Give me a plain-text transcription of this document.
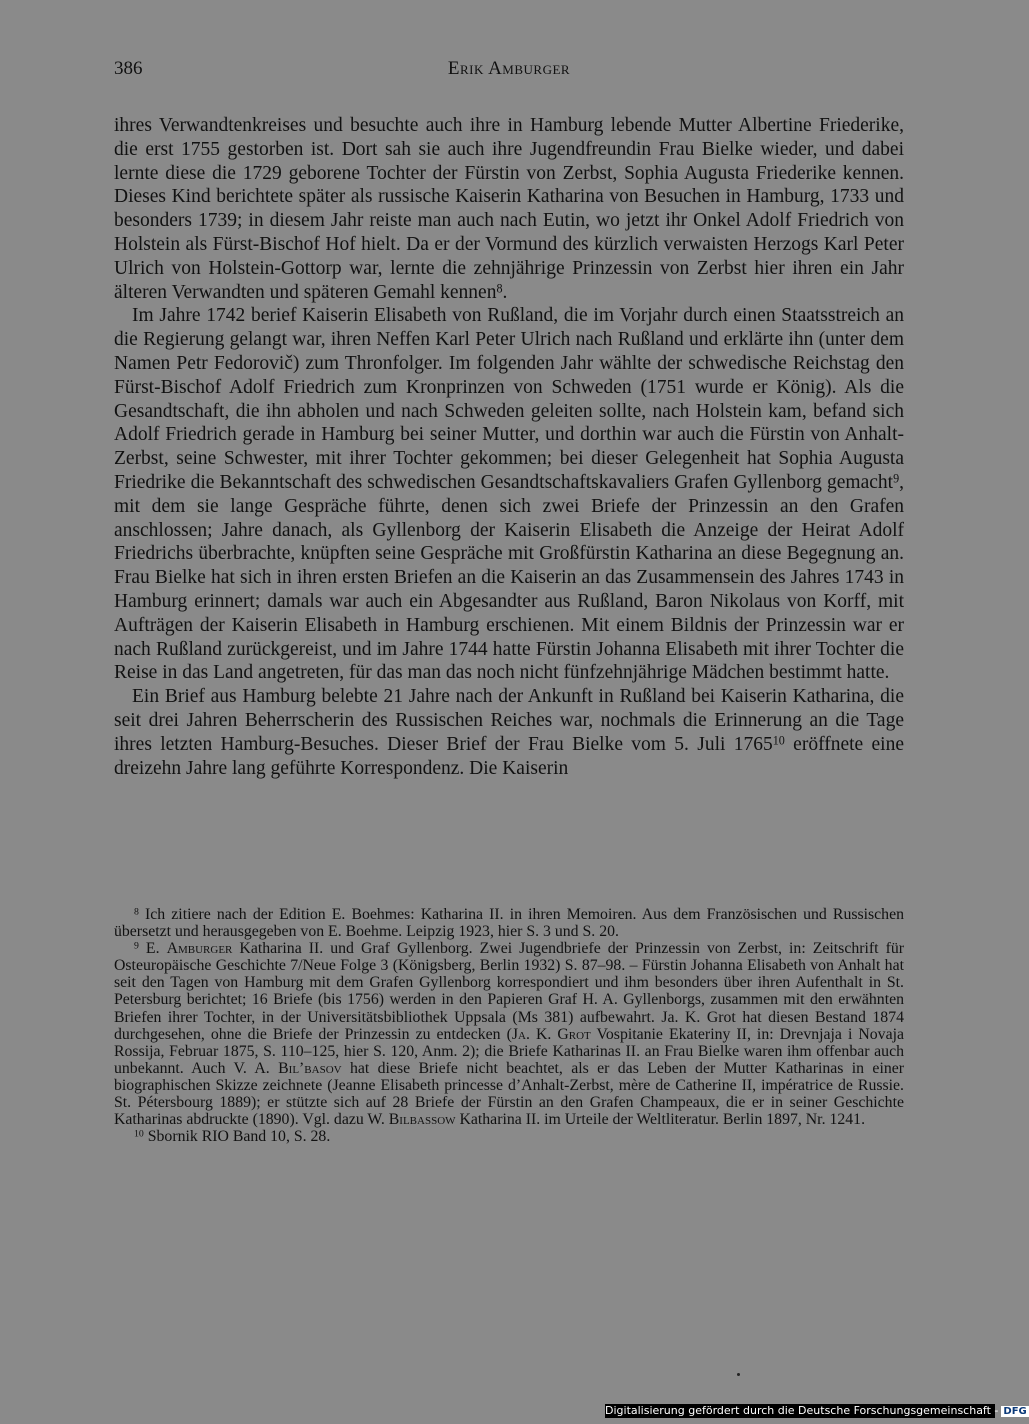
386	Erik Amburger

ihres Verwandtenkreises und besuchte auch ihre in Hamburg lebende Mutter Albertine Friederike, die erst 1755 gestorben ist. Dort sah sie auch ihre Jugendfreundin Frau Bielke wieder, und dabei lernte diese die 1729 geborene Tochter der Fürstin von Zerbst, Sophia Augusta Friederike kennen. Dieses Kind berichtete später als russische Kaiserin Katharina von Besuchen in Hamburg, 1733 und besonders 1739; in diesem Jahr reiste man auch nach Eutin, wo jetzt ihr Onkel Adolf Friedrich von Holstein als Fürst-Bischof Hof hielt. Da er der Vormund des kürzlich verwaisten Herzogs Karl Peter Ulrich von Holstein-Gottorp war, lernte die zehnjährige Prinzessin von Zerbst hier ihren ein Jahr älteren Verwandten und späteren Gemahl kennen$^8$.

Im Jahre 1742 berief Kaiserin Elisabeth von Rußland, die im Vorjahr durch einen Staatsstreich an die Regierung gelangt war, ihren Neffen Karl Peter Ulrich nach Rußland und erklärte ihn (unter dem Namen Petr Fedorovič) zum Thronfolger. Im folgenden Jahr wählte der schwedische Reichstag den Fürst-Bischof Adolf Friedrich zum Kronprinzen von Schweden (1751 wurde er König). Als die Gesandtschaft, die ihn abholen und nach Schweden geleiten sollte, nach Holstein kam, befand sich Adolf Friedrich gerade in Hamburg bei seiner Mutter, und dorthin war auch die Fürstin von Anhalt-Zerbst, seine Schwester, mit ihrer Tochter gekommen; bei dieser Gelegenheit hat Sophia Augusta Friedrike die Bekanntschaft des schwedischen Gesandtschaftskavaliers Grafen Gyllenborg gemacht$^9$, mit dem sie lange Gespräche führte, denen sich zwei Briefe der Prinzessin an den Grafen anschlossen; Jahre danach, als Gyllenborg der Kaiserin Elisabeth die Anzeige der Heirat Adolf Friedrichs überbrachte, knüpften seine Gespräche mit Großfürstin Katharina an diese Begegnung an. Frau Bielke hat sich in ihren ersten Briefen an die Kaiserin an das Zusammensein des Jahres 1743 in Hamburg erinnert; damals war auch ein Abgesandter aus Rußland, Baron Nikolaus von Korff, mit Aufträgen der Kaiserin Elisabeth in Hamburg erschienen. Mit einem Bildnis der Prinzessin war er nach Rußland zurückgereist, und im Jahre 1744 hatte Fürstin Johanna Elisabeth mit ihrer Tochter die Reise in das Land angetreten, für das man das noch nicht fünfzehnjährige Mädchen bestimmt hatte.

Ein Brief aus Hamburg belebte 21 Jahre nach der Ankunft in Rußland bei Kaiserin Katharina, die seit drei Jahren Beherrscherin des Russischen Reiches war, nochmals die Erinnerung an die Tage ihres letzten Hamburg-Besuches. Dieser Brief der Frau Bielke vom 5. Juli 1765$^{10}$ eröffnete eine dreizehn Jahre lang geführte Korrespondenz. Die Kaiserin

$^8$ Ich zitiere nach der Edition E. Boehmes: Katharina II. in ihren Memoiren. Aus dem Französischen und Russischen übersetzt und herausgegeben von E. Boehme. Leipzig 1923, hier S. 3 und S. 20.

$^9$ E. Amburger Katharina II. und Graf Gyllenborg. Zwei Jugendbriefe der Prinzessin von Zerbst, in: Zeitschrift für Osteuropäische Geschichte 7/Neue Folge 3 (Königsberg, Berlin 1932) S. 87–98. – Fürstin Johanna Elisabeth von Anhalt hat seit den Tagen von Hamburg mit dem Grafen Gyllenborg korrespondiert und ihm besonders über ihren Aufenthalt in St. Petersburg berichtet; 16 Briefe (bis 1756) werden in den Papieren Graf H. A. Gyllenborgs, zusammen mit den erwähnten Briefen ihrer Tochter, in der Universitätsbibliothek Uppsala (Ms 381) aufbewahrt. Ja. K. Grot hat diesen Bestand 1874 durchgesehen, ohne die Briefe der Prinzessin zu entdecken (Ja. K. Grot Vospitanie Ekateriny II, in: Drevnjaja i Novaja Rossija, Februar 1875, S. 110–125, hier S. 120, Anm. 2); die Briefe Katharinas II. an Frau Bielke waren ihm offenbar auch unbekannt. Auch V. A. Bil’basov hat diese Briefe nicht beachtet, als er das Leben der Mutter Katharinas in einer biographischen Skizze zeichnete (Jeanne Elisabeth princesse d’Anhalt-Zerbst, mère de Catherine II, impératrice de Russie. St. Pétersbourg 1889); er stützte sich auf 28 Briefe der Fürstin an den Grafen Champeaux, die er in seiner Geschichte Katharinas abdruckte (1890). Vgl. dazu W. Bilbassow Katharina II. im Urteile der Weltliteratur. Berlin 1897, Nr. 1241.

$^{10}$ Sbornik RIO Band 10, S. 28.

Digitalisierung gefördert durch die Deutsche Forschungsgemeinschaft - DFG
